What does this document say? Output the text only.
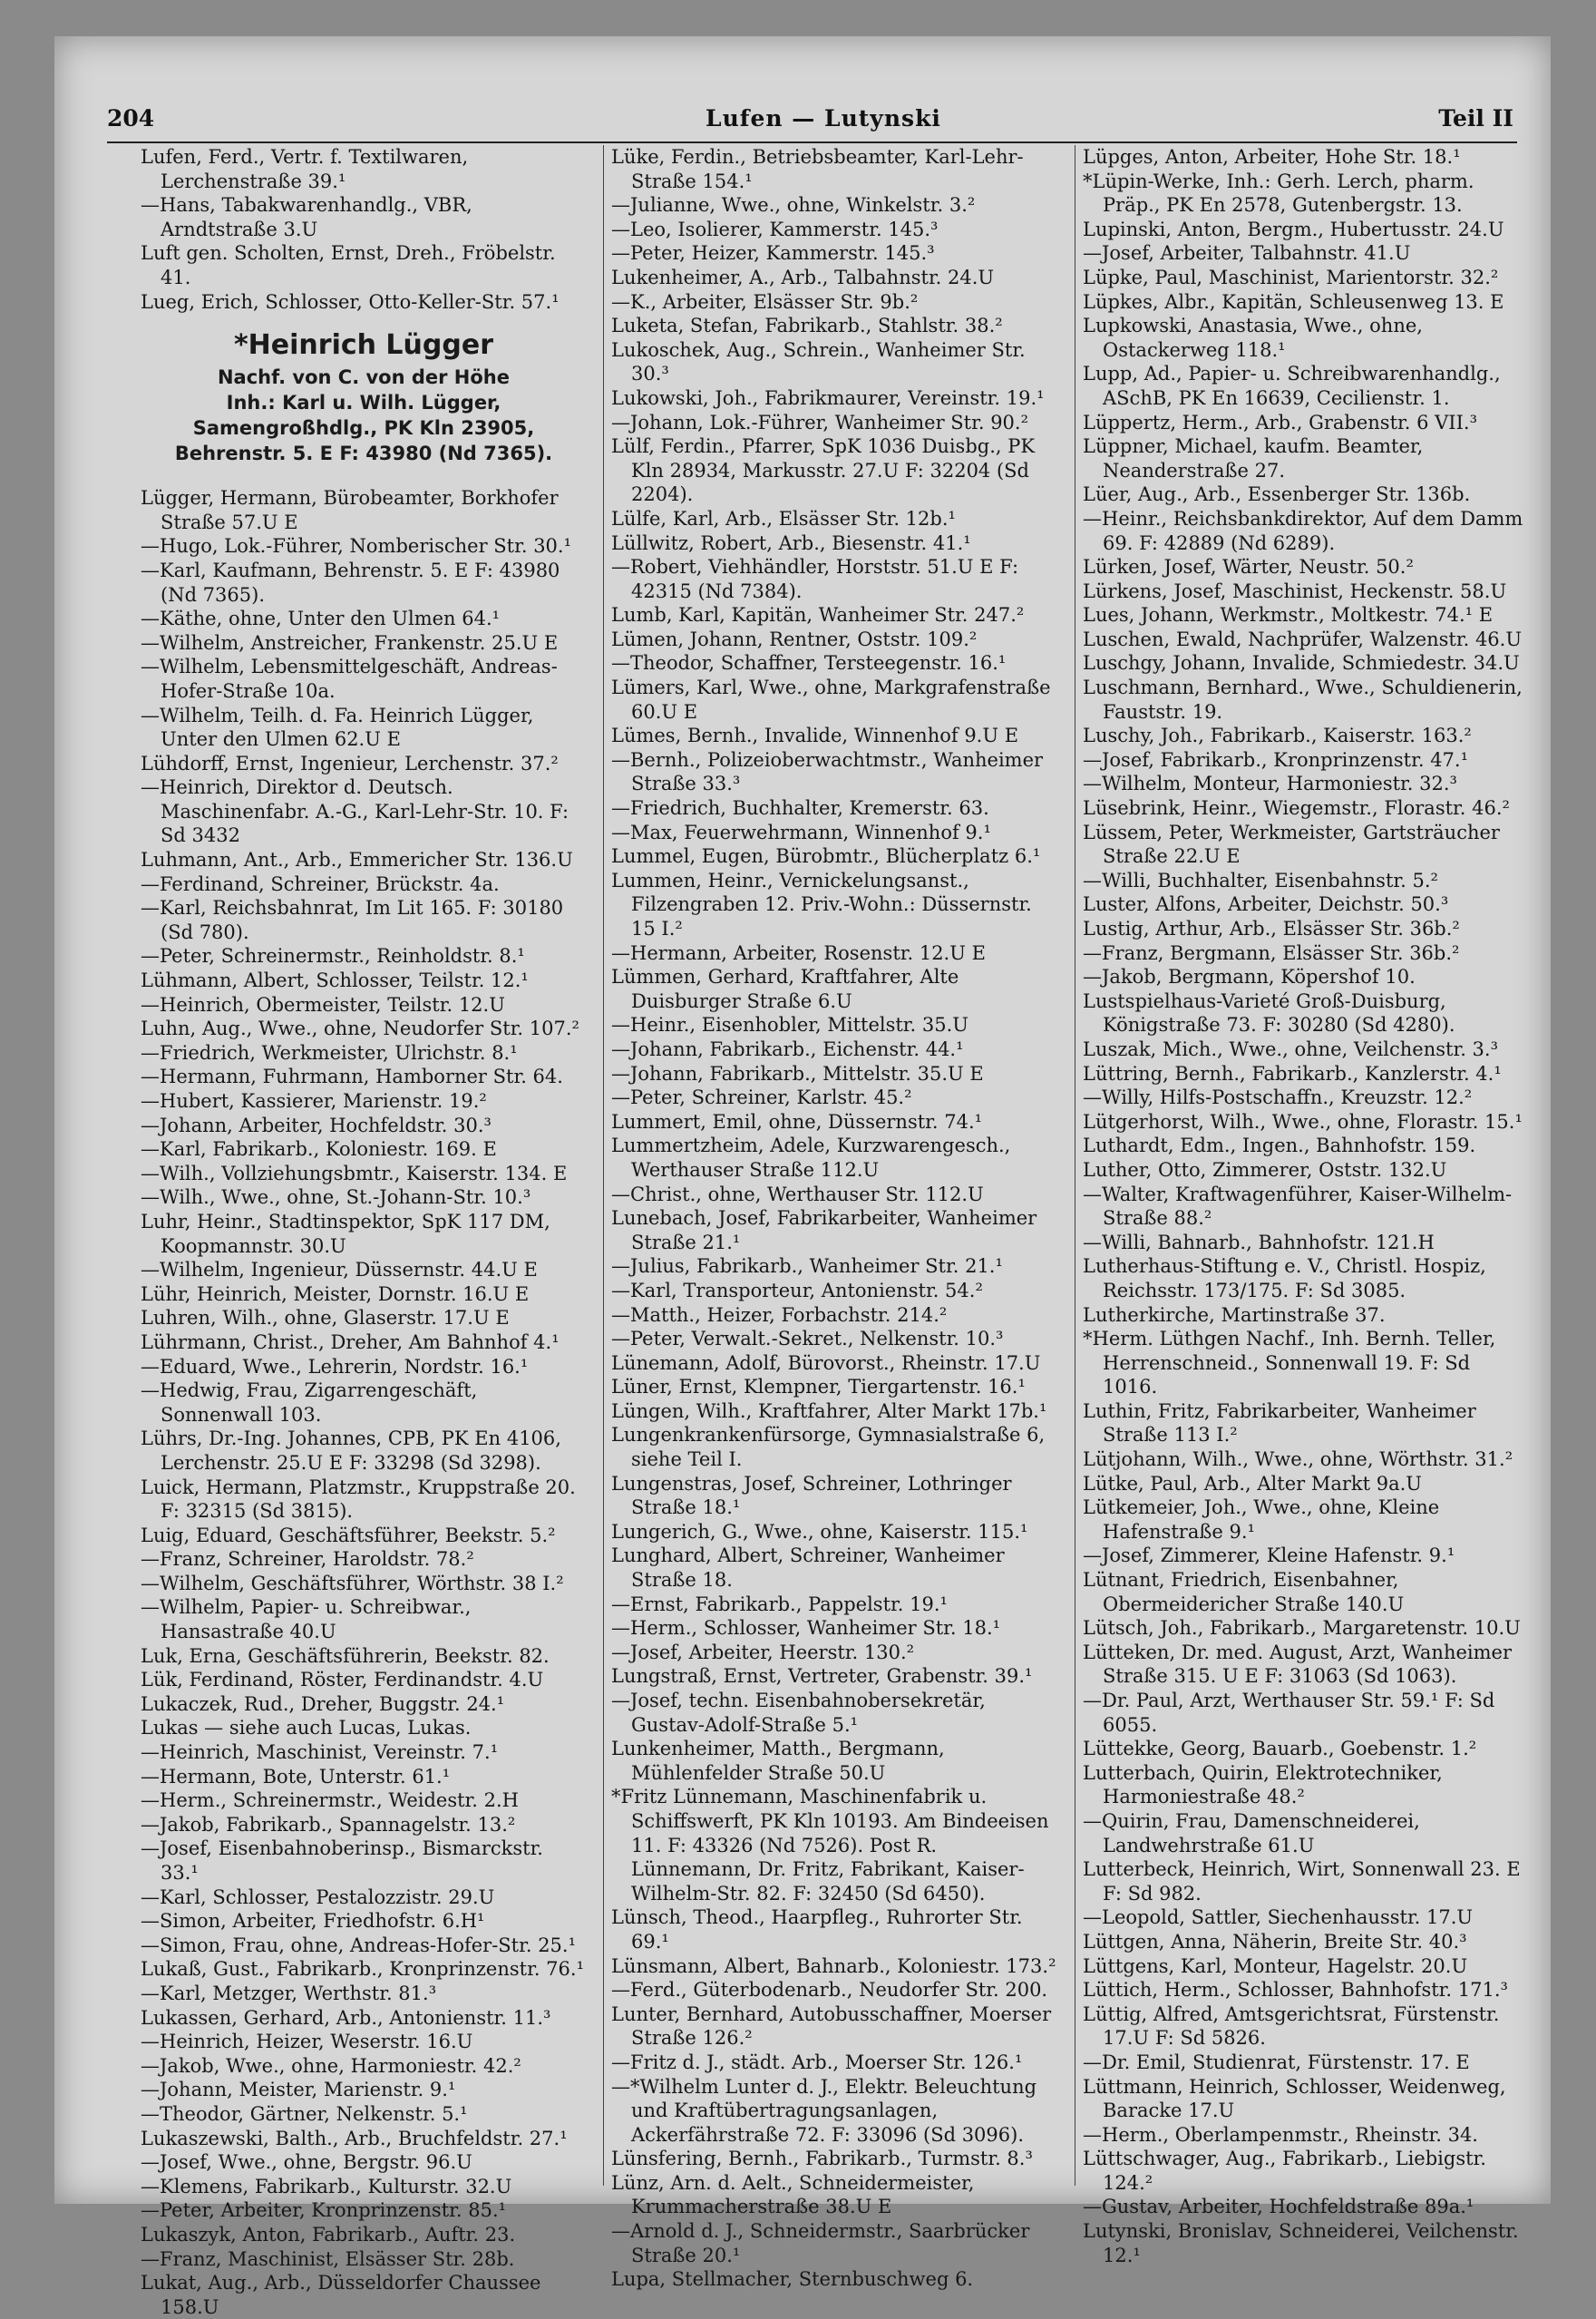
204	Lufen — Lutynski	Teil II
Lufen, Ferd., Vertr. f. Textilwaren, Lerchenstraße 39.¹
—Hans, Tabakwarenhandlg., VBR, Arndtstraße 3.U
Luft gen. Scholten, Ernst, Dreh., Fröbelstr. 41.
Lueg, Erich, Schlosser, Otto-Keller-Str. 57.¹
*Heinrich Lügger
Nachf. von C. von der Höhe
Inh.: Karl u. Wilh. Lügger, Samengroßhdlg., PK Kln 23905, Behrenstr. 5. E F: 43980 (Nd 7365).
Lügger, Hermann, Bürobeamter, Borkhofer Straße 57.U E
—Hugo, Lok.-Führer, Nomberischer Str. 30.¹
—Karl, Kaufmann, Behrenstr. 5. E F: 43980 (Nd 7365).
—Käthe, ohne, Unter den Ulmen 64.¹
—Wilhelm, Anstreicher, Frankenstr. 25.U E
—Wilhelm, Lebensmittelgeschäft, Andreas-Hofer-Straße 10a.
—Wilhelm, Teilh. d. Fa. Heinrich Lügger, Unter den Ulmen 62.U E
Lühdorff, Ernst, Ingenieur, Lerchenstr. 37.²
—Heinrich, Direktor d. Deutsch. Maschinenfabr. A.-G., Karl-Lehr-Str. 10. F: Sd 3432
Luhmann, Ant., Arb., Emmericher Str. 136.U
—Ferdinand, Schreiner, Brückstr. 4a.
—Karl, Reichsbahnrat, Im Lit 165. F: 30180 (Sd 780).
—Peter, Schreinermstr., Reinholdstr. 8.¹
Lühmann, Albert, Schlosser, Teilstr. 12.¹
—Heinrich, Obermeister, Teilstr. 12.U
Luhn, Aug., Wwe., ohne, Neudorfer Str. 107.²
—Friedrich, Werkmeister, Ulrichstr. 8.¹
—Hermann, Fuhrmann, Hamborner Str. 64.
—Hubert, Kassierer, Marienstr. 19.²
—Johann, Arbeiter, Hochfeldstr. 30.³
—Karl, Fabrikarb., Koloniestr. 169. E
—Wilh., Vollziehungsbmtr., Kaiserstr. 134. E
—Wilh., Wwe., ohne, St.-Johann-Str. 10.³
Luhr, Heinr., Stadtinspektor, SpK 117 DM, Koopmannstr. 30.U
—Wilhelm, Ingenieur, Düssernstr. 44.U E
Lühr, Heinrich, Meister, Dornstr. 16.U E
Luhren, Wilh., ohne, Glaserstr. 17.U E
Lührmann, Christ., Dreher, Am Bahnhof 4.¹
—Eduard, Wwe., Lehrerin, Nordstr. 16.¹
—Hedwig, Frau, Zigarrengeschäft, Sonnenwall 103.
Lührs, Dr.-Ing. Johannes, CPB, PK En 4106, Lerchenstr. 25.U E F: 33298 (Sd 3298).
Luick, Hermann, Platzmstr., Kruppstraße 20. F: 32315 (Sd 3815).
Luig, Eduard, Geschäftsführer, Beekstr. 5.²
—Franz, Schreiner, Haroldstr. 78.²
—Wilhelm, Geschäftsführer, Wörthstr. 38 I.²
—Wilhelm, Papier- u. Schreibwar., Hansastraße 40.U
Luk, Erna, Geschäftsführerin, Beekstr. 82.
Lük, Ferdinand, Röster, Ferdinandstr. 4.U
Lukaczek, Rud., Dreher, Buggstr. 24.¹
Lukas — siehe auch Lucas, Lukas.
—Heinrich, Maschinist, Vereinstr. 7.¹
—Hermann, Bote, Unterstr. 61.¹
—Herm., Schreinermstr., Weidestr. 2.H
—Jakob, Fabrikarb., Spannagelstr. 13.²
—Josef, Eisenbahnoberinsp., Bismarckstr. 33.¹
—Karl, Schlosser, Pestalozzistr. 29.U
—Simon, Arbeiter, Friedhofstr. 6.H¹
—Simon, Frau, ohne, Andreas-Hofer-Str. 25.¹
Lukaß, Gust., Fabrikarb., Kronprinzenstr. 76.¹
—Karl, Metzger, Werthstr. 81.³
Lukassen, Gerhard, Arb., Antonienstr. 11.³
—Heinrich, Heizer, Weserstr. 16.U
—Jakob, Wwe., ohne, Harmoniestr. 42.²
—Johann, Meister, Marienstr. 9.¹
—Theodor, Gärtner, Nelkenstr. 5.¹
Lukaszewski, Balth., Arb., Bruchfeldstr. 27.¹
—Josef, Wwe., ohne, Bergstr. 96.U
—Klemens, Fabrikarb., Kulturstr. 32.U
—Peter, Arbeiter, Kronprinzenstr. 85.¹
Lukaszyk, Anton, Fabrikarb., Auftr. 23.
—Franz, Maschinist, Elsässer Str. 28b.
Lukat, Aug., Arb., Düsseldorfer Chaussee 158.U
Lüke, Ferdin., Betriebsbeamter, Karl-Lehr-Straße 154.¹
—Julianne, Wwe., ohne, Winkelstr. 3.²
—Leo, Isolierer, Kammerstr. 145.³
—Peter, Heizer, Kammerstr. 145.³
Lukenheimer, A., Arb., Talbahnstr. 24.U
—K., Arbeiter, Elsässer Str. 9b.²
Luketa, Stefan, Fabrikarb., Stahlstr. 38.²
Lukoschek, Aug., Schrein., Wanheimer Str. 30.³
Lukowski, Joh., Fabrikmaurer, Vereinstr. 19.¹
—Johann, Lok.-Führer, Wanheimer Str. 90.²
Lülf, Ferdin., Pfarrer, SpK 1036 Duisbg., PK Kln 28934, Markusstr. 27.U F: 32204 (Sd 2204).
Lülfe, Karl, Arb., Elsässer Str. 12b.¹
Lüllwitz, Robert, Arb., Biesenstr. 41.¹
—Robert, Viehhändler, Horststr. 51.U E F: 42315 (Nd 7384).
Lumb, Karl, Kapitän, Wanheimer Str. 247.²
Lümen, Johann, Rentner, Oststr. 109.²
—Theodor, Schaffner, Tersteegenstr. 16.¹
Lümers, Karl, Wwe., ohne, Markgrafenstraße 60.U E
Lümes, Bernh., Invalide, Winnenhof 9.U E
—Bernh., Polizeioberwachtmstr., Wanheimer Straße 33.³
—Friedrich, Buchhalter, Kremerstr. 63.
—Max, Feuerwehrmann, Winnenhof 9.¹
Lummel, Eugen, Bürobmtr., Blücherplatz 6.¹
Lummen, Heinr., Vernickelungsanst., Filzengraben 12. Priv.-Wohn.: Düssernstr. 15 I.²
—Hermann, Arbeiter, Rosenstr. 12.U E
Lümmen, Gerhard, Kraftfahrer, Alte Duisburger Straße 6.U
—Heinr., Eisenhobler, Mittelstr. 35.U
—Johann, Fabrikarb., Eichenstr. 44.¹
—Johann, Fabrikarb., Mittelstr. 35.U E
—Peter, Schreiner, Karlstr. 45.²
Lummert, Emil, ohne, Düssernstr. 74.¹
Lummertzheim, Adele, Kurzwarengesch., Werthauser Straße 112.U
—Christ., ohne, Werthauser Str. 112.U
Lunebach, Josef, Fabrikarbeiter, Wanheimer Straße 21.¹
—Julius, Fabrikarb., Wanheimer Str. 21.¹
—Karl, Transporteur, Antonienstr. 54.²
—Matth., Heizer, Forbachstr. 214.²
—Peter, Verwalt.-Sekret., Nelkenstr. 10.³
Lünemann, Adolf, Bürovorst., Rheinstr. 17.U
Lüner, Ernst, Klempner, Tiergartenstr. 16.¹
Lüngen, Wilh., Kraftfahrer, Alter Markt 17b.¹
Lungenkrankenfürsorge, Gymnasialstraße 6, siehe Teil I.
Lungenstras, Josef, Schreiner, Lothringer Straße 18.¹
Lungerich, G., Wwe., ohne, Kaiserstr. 115.¹
Lunghard, Albert, Schreiner, Wanheimer Straße 18.
—Ernst, Fabrikarb., Pappelstr. 19.¹
—Herm., Schlosser, Wanheimer Str. 18.¹
—Josef, Arbeiter, Heerstr. 130.²
Lungstraß, Ernst, Vertreter, Grabenstr. 39.¹
—Josef, techn. Eisenbahnobersekretär, Gustav-Adolf-Straße 5.¹
Lunkenheimer, Matth., Bergmann, Mühlenfelder Straße 50.U
*Fritz Lünnemann, Maschinenfabrik u. Schiffswerft, PK Kln 10193. Am Bindeeisen 11. F: 43326 (Nd 7526). Post R. Lünnemann, Dr. Fritz, Fabrikant, Kaiser-Wilhelm-Str. 82. F: 32450 (Sd 6450).
Lünsch, Theod., Haarpfleg., Ruhrorter Str. 69.¹
Lünsmann, Albert, Bahnarb., Koloniestr. 173.²
—Ferd., Güterbodenarb., Neudorfer Str. 200.
Lunter, Bernhard, Autobusschaffner, Moerser Straße 126.²
—Fritz d. J., städt. Arb., Moerser Str. 126.¹
—*Wilhelm Lunter d. J., Elektr. Beleuchtung und Kraftübertragungsanlagen, Ackerfährstraße 72. F: 33096 (Sd 3096).
Lünsfering, Bernh., Fabrikarb., Turmstr. 8.³
Lünz, Arn. d. Aelt., Schneidermeister, Krummacherstraße 38.U E
—Arnold d. J., Schneidermstr., Saarbrücker Straße 20.¹
Lupa, Stellmacher, Sternbuschweg 6.
Lüpges, Anton, Arbeiter, Hohe Str. 18.¹
*Lüpin-Werke, Inh.: Gerh. Lerch, pharm. Präp., PK En 2578, Gutenbergstr. 13.
Lupinski, Anton, Bergm., Hubertusstr. 24.U
—Josef, Arbeiter, Talbahnstr. 41.U
Lüpke, Paul, Maschinist, Marientorstr. 32.²
Lüpkes, Albr., Kapitän, Schleusenweg 13. E
Lupkowski, Anastasia, Wwe., ohne, Ostackerweg 118.¹
Lupp, Ad., Papier- u. Schreibwarenhandlg., ASchB, PK En 16639, Cecilienstr. 1.
Lüppertz, Herm., Arb., Grabenstr. 6 VII.³
Lüppner, Michael, kaufm. Beamter, Neanderstraße 27.
Lüer, Aug., Arb., Essenberger Str. 136b.
—Heinr., Reichsbankdirektor, Auf dem Damm 69. F: 42889 (Nd 6289).
Lürken, Josef, Wärter, Neustr. 50.²
Lürkens, Josef, Maschinist, Heckenstr. 58.U
Lues, Johann, Werkmstr., Moltkestr. 74.¹ E
Luschen, Ewald, Nachprüfer, Walzenstr. 46.U
Luschgy, Johann, Invalide, Schmiedestr. 34.U
Luschmann, Bernhard., Wwe., Schuldienerin, Fauststr. 19.
Luschy, Joh., Fabrikarb., Kaiserstr. 163.²
—Josef, Fabrikarb., Kronprinzenstr. 47.¹
—Wilhelm, Monteur, Harmoniestr. 32.³
Lüsebrink, Heinr., Wiegemstr., Florastr. 46.²
Lüssem, Peter, Werkmeister, Gartsträucher Straße 22.U E
—Willi, Buchhalter, Eisenbahnstr. 5.²
Luster, Alfons, Arbeiter, Deichstr. 50.³
Lustig, Arthur, Arb., Elsässer Str. 36b.²
—Franz, Bergmann, Elsässer Str. 36b.²
—Jakob, Bergmann, Köpershof 10.
Lustspielhaus-Varieté Groß-Duisburg, Königstraße 73. F: 30280 (Sd 4280).
Luszak, Mich., Wwe., ohne, Veilchenstr. 3.³
Lüttring, Bernh., Fabrikarb., Kanzlerstr. 4.¹
—Willy, Hilfs-Postschaffn., Kreuzstr. 12.²
Lütgerhorst, Wilh., Wwe., ohne, Florastr. 15.¹
Luthardt, Edm., Ingen., Bahnhofstr. 159.
Luther, Otto, Zimmerer, Oststr. 132.U
—Walter, Kraftwagenführer, Kaiser-Wilhelm-Straße 88.²
—Willi, Bahnarb., Bahnhofstr. 121.H
Lutherhaus-Stiftung e. V., Christl. Hospiz, Reichsstr. 173/175. F: Sd 3085.
Lutherkirche, Martinstraße 37.
*Herm. Lüthgen Nachf., Inh. Bernh. Teller, Herrenschneid., Sonnenwall 19. F: Sd 1016.
Luthin, Fritz, Fabrikarbeiter, Wanheimer Straße 113 I.²
Lütjohann, Wilh., Wwe., ohne, Wörthstr. 31.²
Lütke, Paul, Arb., Alter Markt 9a.U
Lütkemeier, Joh., Wwe., ohne, Kleine Hafenstraße 9.¹
—Josef, Zimmerer, Kleine Hafenstr. 9.¹
Lütnant, Friedrich, Eisenbahner, Obermeidericher Straße 140.U
Lütsch, Joh., Fabrikarb., Margaretenstr. 10.U
Lütteken, Dr. med. August, Arzt, Wanheimer Straße 315. U E F: 31063 (Sd 1063).
—Dr. Paul, Arzt, Werthauser Str. 59.¹ F: Sd 6055.
Lüttekke, Georg, Bauarb., Goebenstr. 1.²
Lutterbach, Quirin, Elektrotechniker, Harmoniestraße 48.²
—Quirin, Frau, Damenschneiderei, Landwehrstraße 61.U
Lutterbeck, Heinrich, Wirt, Sonnenwall 23. E F: Sd 982.
—Leopold, Sattler, Siechenhausstr. 17.U
Lüttgen, Anna, Näherin, Breite Str. 40.³
Lüttgens, Karl, Monteur, Hagelstr. 20.U
Lüttich, Herm., Schlosser, Bahnhofstr. 171.³
Lüttig, Alfred, Amtsgerichtsrat, Fürstenstr. 17.U F: Sd 5826.
—Dr. Emil, Studienrat, Fürstenstr. 17. E
Lüttmann, Heinrich, Schlosser, Weidenweg, Baracke 17.U
—Herm., Oberlampenmstr., Rheinstr. 34.
Lüttschwager, Aug., Fabrikarb., Liebigstr. 124.²
—Gustav, Arbeiter, Hochfeldstraße 89a.¹
Lutynski, Bronislav, Schneiderei, Veilchenstr. 12.¹
